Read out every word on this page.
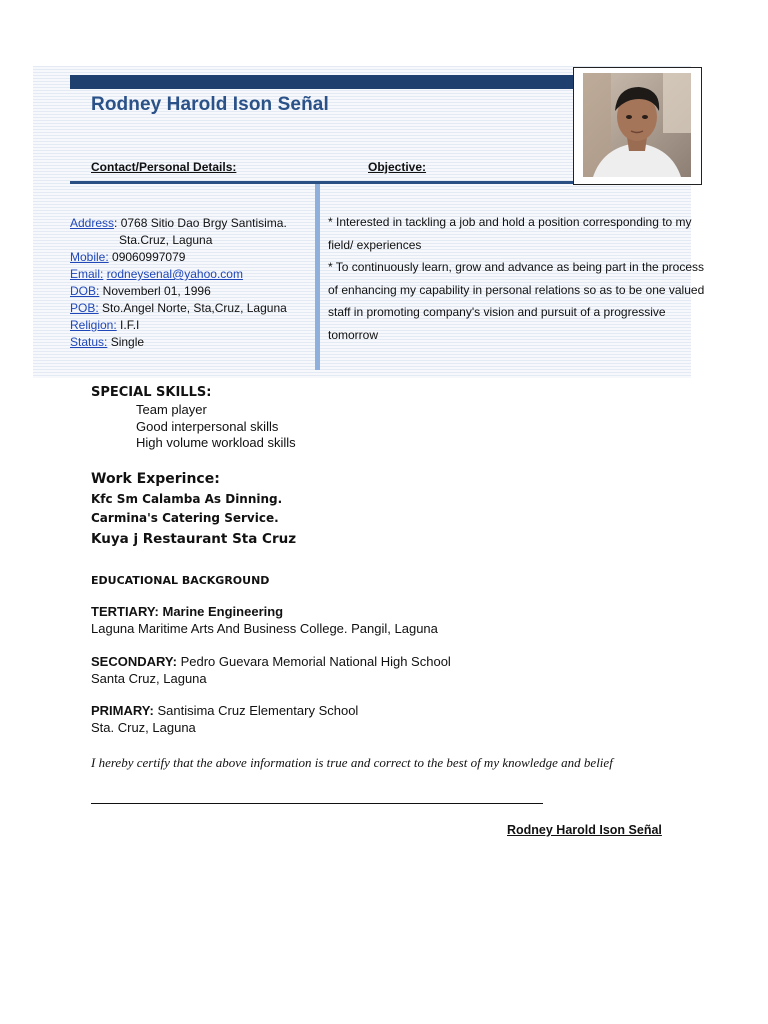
Rodney Harold Ison Señal
Contact/Personal Details:	Objective:
Address: 0768 Sitio Dao Brgy Santisima.
Sta.Cruz, Laguna
Mobile: 09060997079
Email: rodneysenal@yahoo.com
DOB: Novemberl 01, 1996
POB: Sto.Angel Norte, Sta,Cruz, Laguna
Religion: I.F.I
Status: Single
* Interested in tackling a job and hold a position corresponding to my field/ experiences
* To continuously learn, grow and advance as being part in the process of enhancing my capability in personal relations so as to be one valued staff in promoting company's vision and pursuit of a progressive tomorrow
SPECIAL SKILLS:
Team player
Good interpersonal skills
High volume workload skills
Work Experince:
Kfc Sm Calamba As Dinning.
Carmina's Catering Service.
Kuya j Restaurant Sta Cruz
EDUCATIONAL BACKGROUND
TERTIARY: Marine Engineering
Laguna Maritime Arts And Business College. Pangil, Laguna
SECONDARY: Pedro Guevara Memorial National High School
Santa Cruz, Laguna
PRIMARY: Santisima Cruz Elementary School
Sta. Cruz, Laguna
I hereby certify that the above information is true and correct to the best of my knowledge and belief
Rodney Harold Ison Señal
